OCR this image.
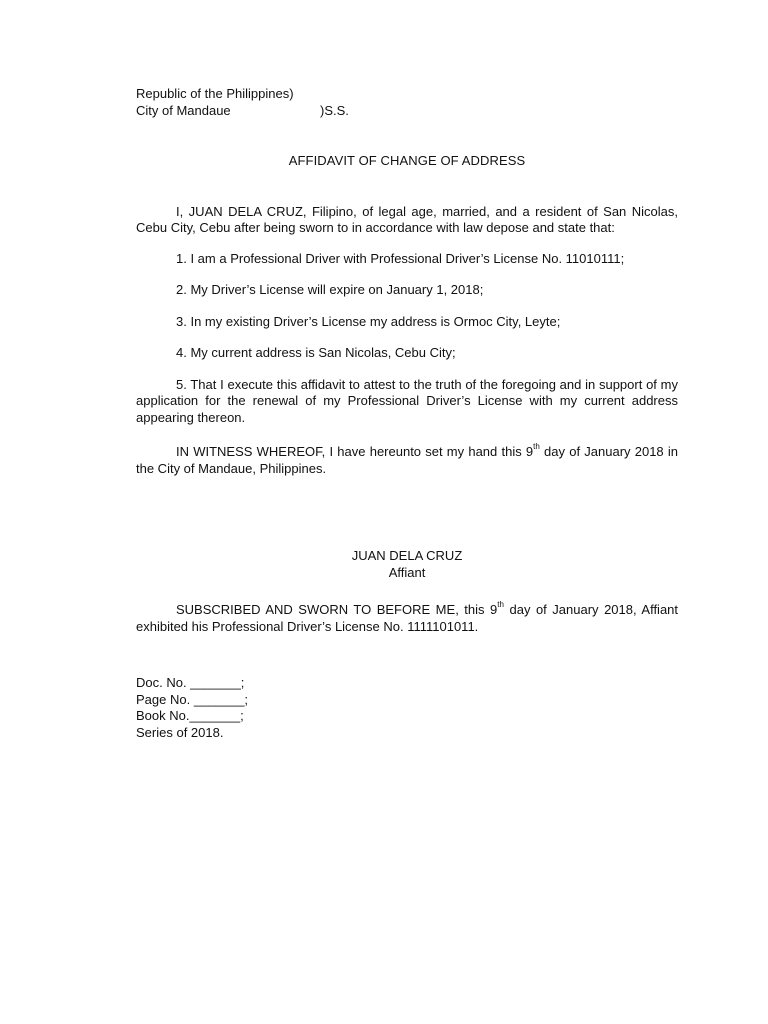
Republic of the Philippines)
City of Mandaue	)S.S.
AFFIDAVIT OF CHANGE OF ADDRESS
I, JUAN DELA CRUZ, Filipino, of legal age, married, and a resident of San Nicolas, Cebu City, Cebu after being sworn to in accordance with law depose and state that:
1. I am a Professional Driver with Professional Driver’s License No. 11010111;
2. My Driver’s License will expire on January 1, 2018;
3. In my existing Driver’s License my address is Ormoc City, Leyte;
4. My current address is San Nicolas, Cebu City;
5. That I execute this affidavit to attest to the truth of the foregoing and in support of my application for the renewal of my Professional Driver’s License with my current address appearing thereon.
IN WITNESS WHEREOF, I have hereunto set my hand this 9th day of January 2018 in the City of Mandaue, Philippines.
JUAN DELA CRUZ
Affiant
SUBSCRIBED AND SWORN TO BEFORE ME, this 9th day of January 2018, Affiant exhibited his Professional Driver’s License No. 1111101011.
Doc. No. _______;
Page No. _______;
Book No._______;
Series of 2018.
